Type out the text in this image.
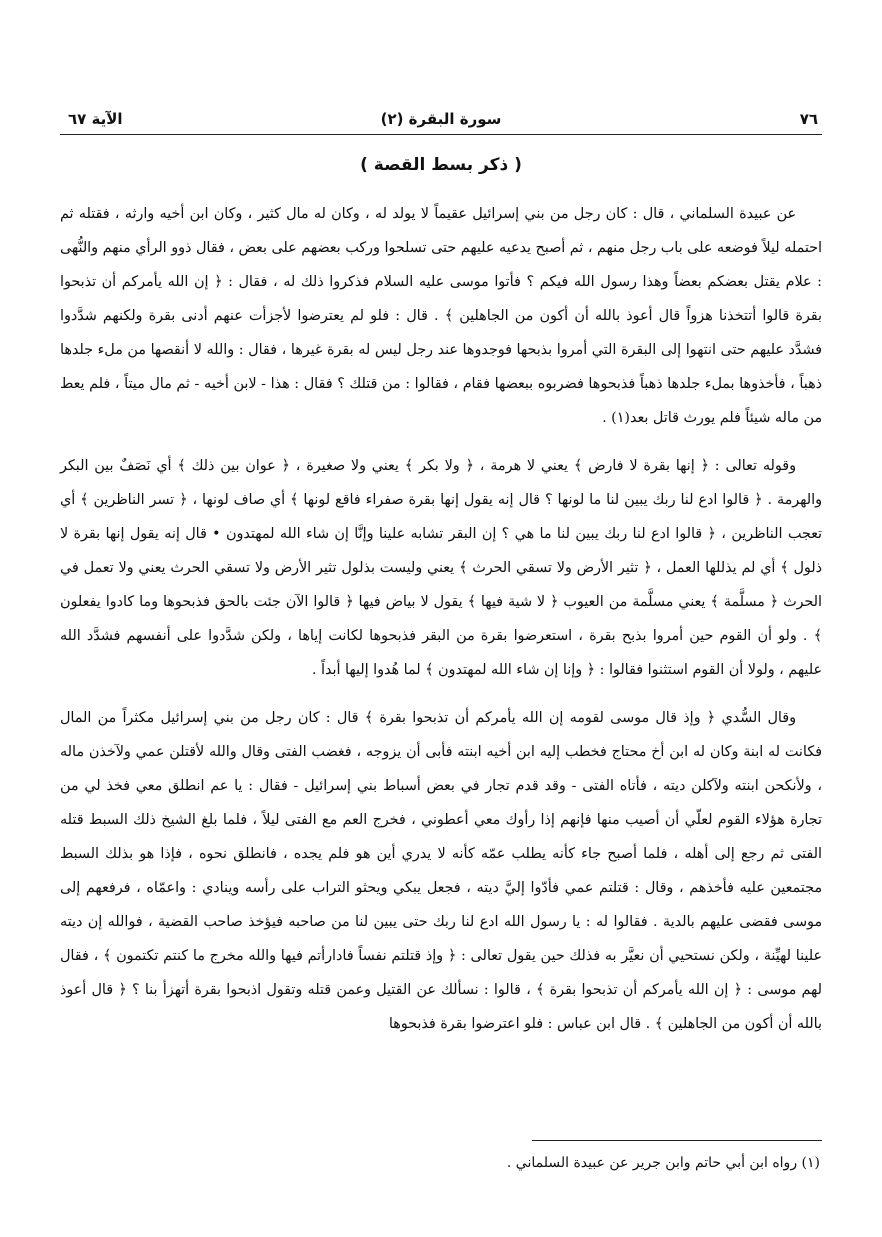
٧٦
(٢) سورة البقرة
الآية ٦٧
( ذكر بسط القصة )

عن عبيدة السلماني ، قال : كان رجل من بني إسرائيل عقيماً لا يولد له ، وكان له مال كثير ، وكان ابن أخيه وارثه ، فقتله ثم احتمله ليلاً فوضعه على باب رجل منهم ، ثم أصبح يدعيه عليهم حتى تسلحوا وركب بعضهم على بعض ، فقال ذوو الرأي منهم والنُّهى : علام يقتل بعضكم بعضاً وهذا رسول الله فيكم ؟ فأتوا موسى عليه السلام فذكروا ذلك له ، فقال : ﴿ إن الله يأمركم أن تذبحوا بقرة قالوا أتتخذنا هزواً قال أعوذ بالله أن أكون من الجاهلين ﴾ . قال : فلو لم يعترضوا لأجزأت عنهم أدنى بقرة ولكنهم شدَّدوا فشدَّد عليهم حتى انتهوا إلى البقرة التي أمروا بذبحها فوجدوها عند رجل ليس له بقرة غيرها ، فقال : والله لا أنقصها من ملء جلدها ذهباً ، فأخذوها بملء جلدها ذهباً فذبحوها فضربوه ببعضها فقام ، فقالوا : من قتلك ؟ فقال : هذا - لابن أخيه - ثم مال ميتاً ، فلم يعط من ماله شيئاً فلم يورث قاتل بعد(١) .

وقوله تعالى : ﴿ إنها بقرة لا فارض ﴾ يعني لا هرمة ، ﴿ ولا بكر ﴾ يعني ولا صغيرة ، ﴿ عوان بين ذلك ﴾ أي نَصَفٌ بين البكر والهرمة . ﴿ قالوا ادع لنا ربك يبين لنا ما لونها ؟ قال إنه يقول إنها بقرة صفراء فاقع لونها ﴾ أي صاف لونها ، ﴿ تسر الناظرين ﴾ أي تعجب الناظرين ، ﴿ قالوا ادع لنا ربك يبين لنا ما هي ؟ إن البقر تشابه علينا وإنَّا إن شاء الله لمهتدون • قال إنه يقول إنها بقرة لا ذلول ﴾ أي لم يذللها العمل ، ﴿ تثير الأرض ولا تسقي الحرث ﴾ يعني وليست بذلول تثير الأرض ولا تسقي الحرث يعني ولا تعمل في الحرث ﴿ مسلَّمة ﴾ يعني مسلَّمة من العيوب ﴿ لا شية فيها ﴾ يقول لا بياض فيها ﴿ قالوا الآن جئت بالحق فذبحوها وما كادوا يفعلون ﴾ . ولو أن القوم حين أمروا بذبح بقرة ، استعرضوا بقرة من البقر فذبحوها لكانت إياها ، ولكن شدَّدوا على أنفسهم فشدَّد الله عليهم ، ولولا أن القوم استثنوا فقالوا : ﴿ وإنا إن شاء الله لمهتدون ﴾ لما هُدوا إليها أبداً .

وقال السُّدي ﴿ وإذ قال موسى لقومه إن الله يأمركم أن تذبحوا بقرة ﴾ قال : كان رجل من بني إسرائيل مكثراً من المال فكانت له ابنة وكان له ابن أخ محتاج فخطب إليه ابن أخيه ابنته فأبى أن يزوجه ، فغضب الفتى وقال والله لأقتلن عمي ولآخذن ماله ، ولأنكحن ابنته ولآكلن ديته ، فأتاه الفتى - وقد قدم تجار في بعض أسباط بني إسرائيل - فقال : يا عم انطلق معي فخذ لي من تجارة هؤلاء القوم لعلّي أن أصيب منها فإنهم إذا رأوك معي أعطوني ، فخرج العم مع الفتى ليلاً ، فلما بلغ الشيخ ذلك السبط قتله الفتى ثم رجع إلى أهله ، فلما أصبح جاء كأنه يطلب عمّه كأنه لا يدري أين هو فلم يجده ، فانطلق نحوه ، فإذا هو بذلك السبط مجتمعين عليه فأخذهم ، وقال : قتلتم عمي فأدّوا إليَّ ديته ، فجعل يبكي ويحثو التراب على رأسه وينادي : واعمّاه ، فرفعهم إلى موسى فقضى عليهم بالدية . فقالوا له : يا رسول الله ادع لنا ربك حتى يبين لنا من صاحبه فيؤخذ صاحب القضية ، فوالله إن ديته علينا لهيِّنة ، ولكن نستحيي أن نعيَّر به فذلك حين يقول تعالى : ﴿ وإذ قتلتم نفساً فادارأتم فيها والله مخرج ما كنتم تكتمون ﴾ ، فقال لهم موسى : ﴿ إن الله يأمركم أن تذبحوا بقرة ﴾ ، قالوا : نسألك عن القتيل وعمن قتله وتقول اذبحوا بقرة أتهزأ بنا ؟ ﴿ قال أعوذ بالله أن أكون من الجاهلين ﴾ . قال ابن عباس : فلو اعترضوا بقرة فذبحوها

(١) رواه ابن أبي حاتم وابن جرير عن عبيدة السلماني .
